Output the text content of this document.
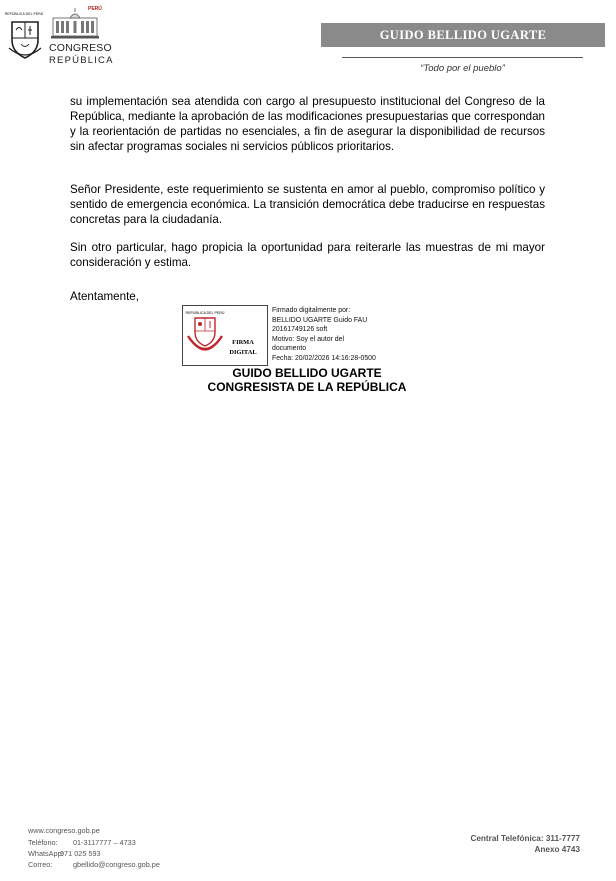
REPÚBLICA DEL PERÚ
PERÚ
CONGRESO
REPÚBLICA
GUIDO BELLIDO UGARTE
“Todo por el pueblo”
su implementación sea atendida con cargo al presupuesto institucional del Congreso de la República, mediante la aprobación de las modificaciones presupuestarias que correspondan y la reorientación de partidas no esenciales, a fin de asegurar la disponibilidad de recursos sin afectar programas sociales ni servicios públicos prioritarios.
Señor Presidente, este requerimiento se sustenta en amor al pueblo, compromiso político y sentido de emergencia económica. La transición democrática debe traducirse en respuestas concretas para la ciudadanía.
Sin otro particular, hago propicia la oportunidad para reiterarle las muestras de mi mayor consideración y estima.
Atentamente,
REPÚBLICA DEL PERÚ
FIRMA
DIGITAL
Firmado digitalmente por:
BELLIDO UGARTE Guido FAU
20161749126 soft
Motivo: Soy el autor del
documento
Fecha: 20/02/2026 14:16:28-0500
GUIDO BELLIDO UGARTE
CONGRESISTA DE LA REPÚBLICA
www.congreso.gob.pe
Teléfono: 01-3117777 – 4733
WhatsApp:
971 025 593
Correo:	gbellido@congreso.gob.pe
Central Telefónica: 311-7777
Anexo 4743
